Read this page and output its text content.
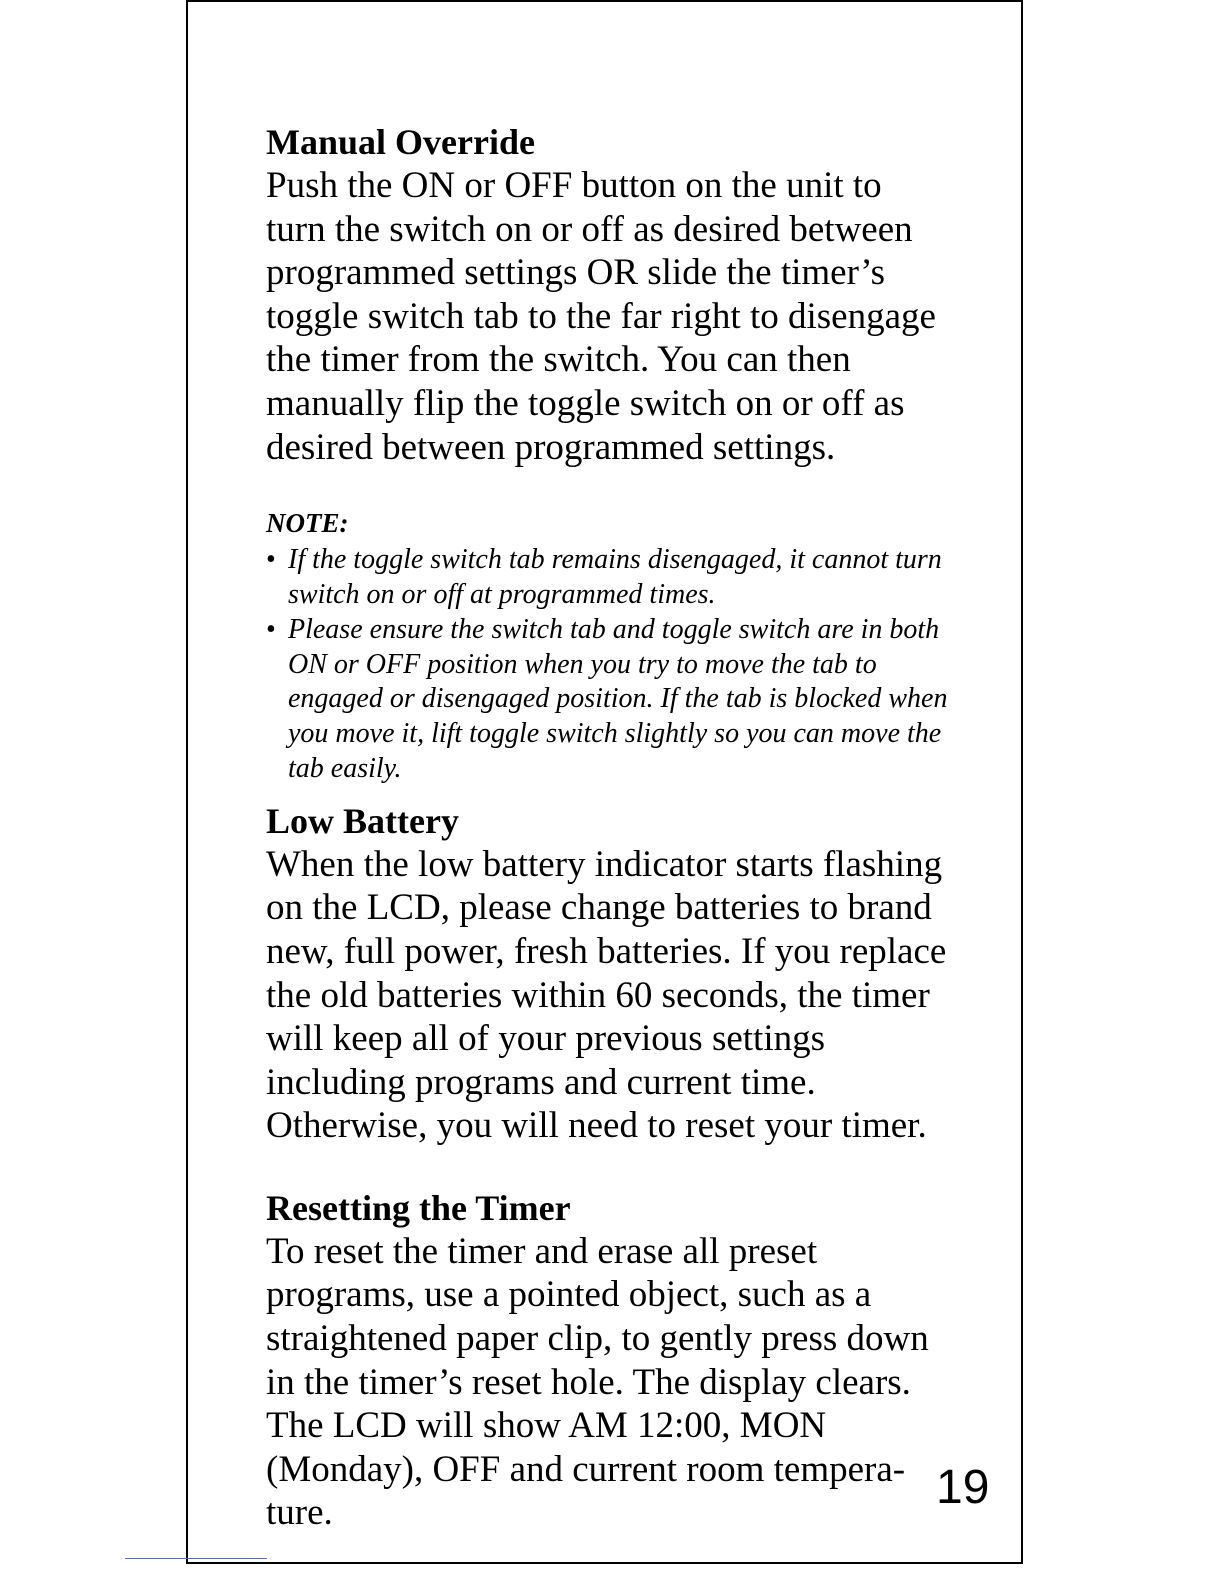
Manual Override

Push the ON or OFF button on the unit to
turn the switch on or off as desired between
programmed settings OR slide the timer’s
toggle switch tab to the far right to disengage
the timer from the switch. You can then
manually flip the toggle switch on or off as
desired between programmed settings.

NOTE:

• If the toggle switch tab remains disengaged, it cannot turn
switch on or off at programmed times.
• Please ensure the switch tab and toggle switch are in both
ON or OFF position when you try to move the tab to
engaged or disengaged position. If the tab is blocked when
you move it, lift toggle switch slightly so you can move the
tab easily.
Low Battery

When the low battery indicator starts flashing
on the LCD, please change batteries to brand
new, full power, fresh batteries. If you replace
the old batteries within 60 seconds, the timer
will keep all of your previous settings
including programs and current time.
Otherwise, you will need to reset your timer.

Resetting the Timer

To reset the timer and erase all preset
programs, use a pointed object, such as a
straightened paper clip, to gently press down
in the timer’s reset hole. The display clears.
The LCD will show AM 12:00, MON
(Monday), OFF and current room tempera-
ture.	19
